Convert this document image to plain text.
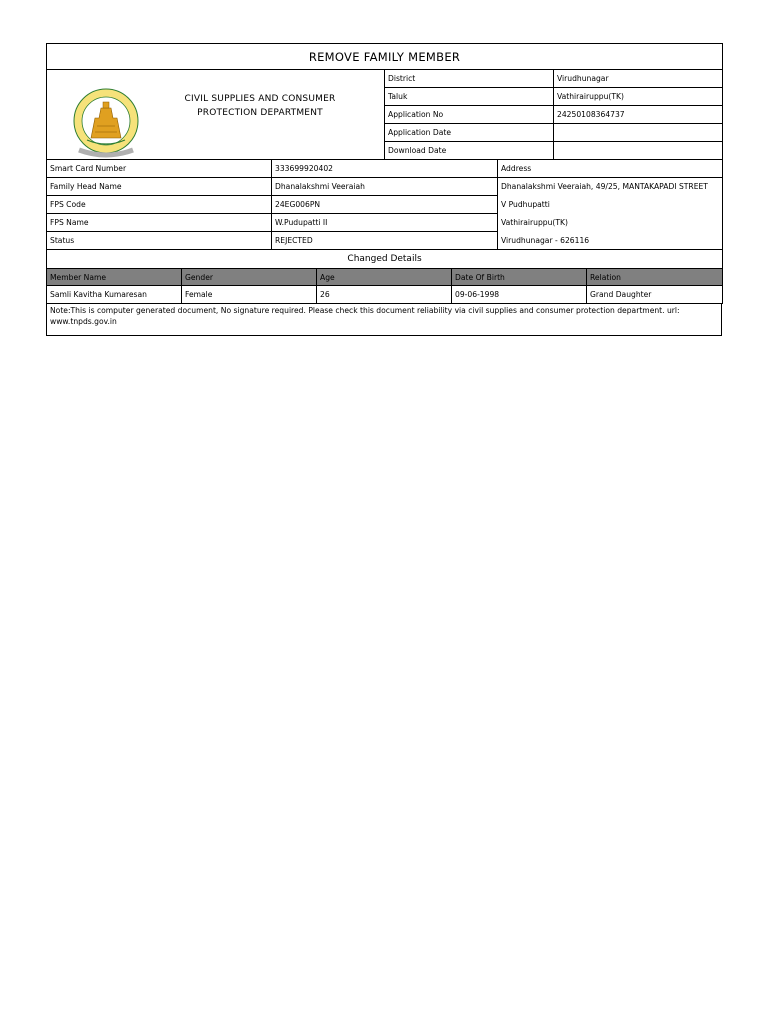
REMOVE FAMILY MEMBER		

CIVIL SUPPLIES AND CONSUMER
PROTECTION DEPARTMENT	District	Virudhunagar
	Taluk	Vathirairuppu(TK)
	Application No	24250108364737
	Application Date	
	Download Date	
Smart Card Number	333699920402	Address
Family Head Name	Dhanalakshmi Veeraiah	Dhanalakshmi Veeraiah, 49/25, MANTAKAPADI STREET
FPS Code	24EG006PN	V Pudhupatti
FPS Name	W.Pudupatti II	Vathirairuppu(TK)
Status	REJECTED	Virudhunagar - 626116
Changed Details				
Member Name	Gender	Age	Date Of Birth	Relation
Samli Kavitha Kumaresan	Female	26	09-06-1998	Grand Daughter
Note:This is computer generated document, No signature required. Please check this document reliability via civil supplies and consumer protection department. url: www.tnpds.gov.in
